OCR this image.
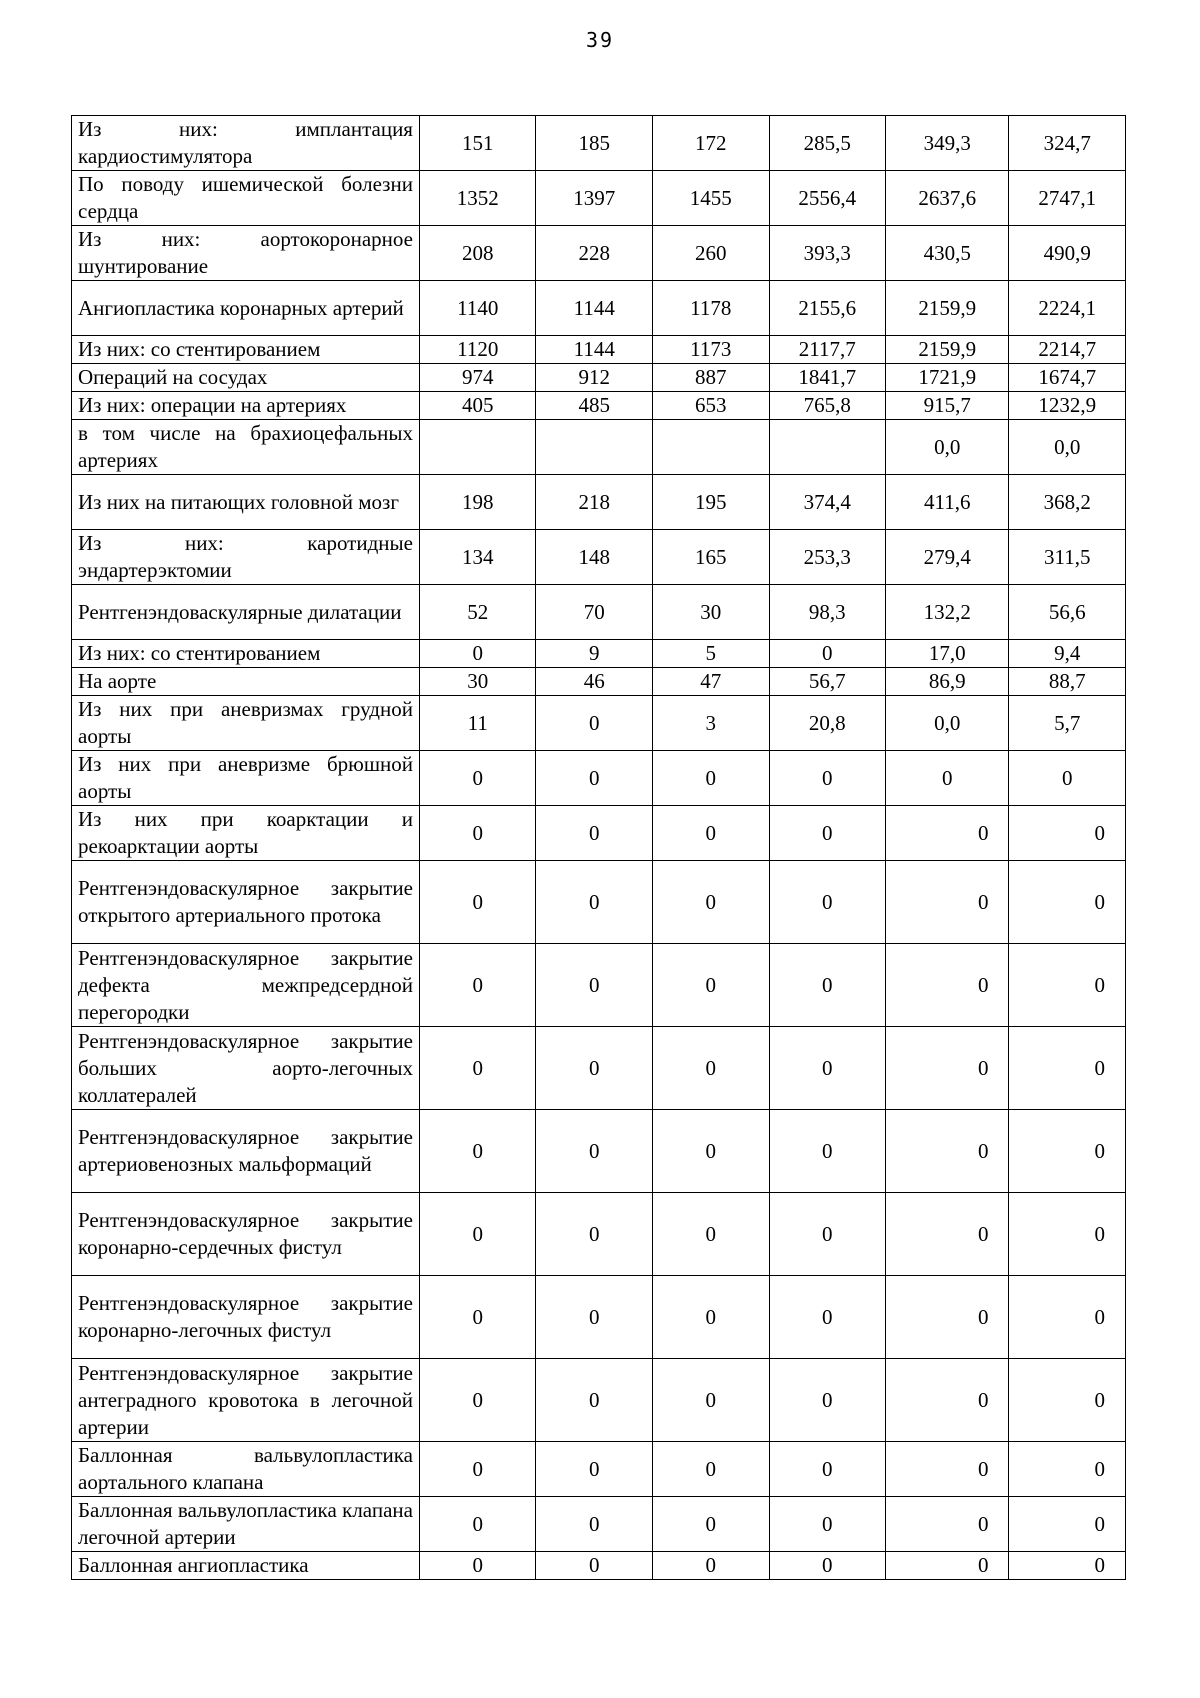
39
Из них: имплантация кардиостимулятора	151	185	172	285,5	349,3	324,7
По поводу ишемической болезни сердца	1352	1397	1455	2556,4	2637,6	2747,1
Из них: аортокоронарное шунтирование	208	228	260	393,3	430,5	490,9
Ангиопластика коронарных артерий	1140	1144	1178	2155,6	2159,9	2224,1
Из них: со стентированием	1120	1144	1173	2117,7	2159,9	2214,7
Операций на сосудах	974	912	887	1841,7	1721,9	1674,7
Из них: операции на артериях	405	485	653	765,8	915,7	1232,9
в том числе на брахиоцефальных артериях					0,0	0,0
Из них на питающих головной мозг	198	218	195	374,4	411,6	368,2
Из них: каротидные эндартерэктомии	134	148	165	253,3	279,4	311,5
Рентгенэндоваскулярные дилатации	52	70	30	98,3	132,2	56,6
Из них: со стентированием	0	9	5	0	17,0	9,4
На аорте	30	46	47	56,7	86,9	88,7
Из них при аневризмах грудной аорты	11	0	3	20,8	0,0	5,7
Из них при аневризме брюшной аорты	0	0	0	0	0	0
Из них при коарктации и рекоарктации аорты	0	0	0	0	0	0
Рентгенэндоваскулярное закрытие открытого артериального протока	0	0	0	0	0	0
Рентгенэндоваскулярное закрытие дефекта межпредсердной перегородки	0	0	0	0	0	0
Рентгенэндоваскулярное закрытие больших аорто-легочных коллатералей	0	0	0	0	0	0
Рентгенэндоваскулярное закрытие артериовенозных мальформаций	0	0	0	0	0	0
Рентгенэндоваскулярное закрытие коронарно-сердечных фистул	0	0	0	0	0	0
Рентгенэндоваскулярное закрытие коронарно-легочных фистул	0	0	0	0	0	0
Рентгенэндоваскулярное закрытие антеградного кровотока в легочной артерии	0	0	0	0	0	0
Баллонная вальвулопластика аортального клапана	0	0	0	0	0	0
Баллонная вальвулопластика клапана легочной артерии	0	0	0	0	0	0
Баллонная ангиопластика	0	0	0	0	0	0
